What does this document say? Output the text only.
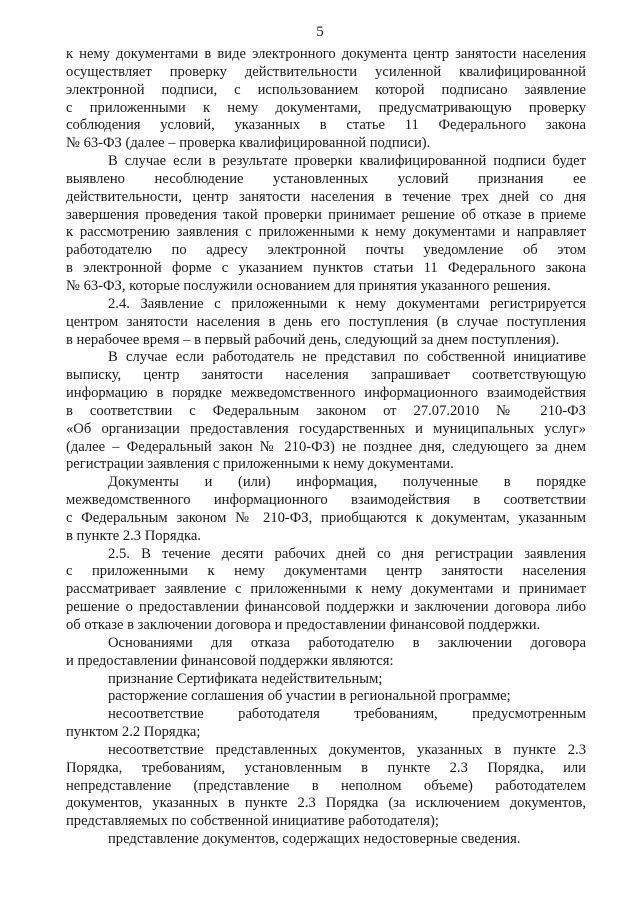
5
к нему документами в виде электронного документа центр занятости населения
осуществляет проверку действительности усиленной квалифицированной
электронной подписи, с использованием которой подписано заявление
с приложенными к нему документами, предусматривающую проверку
соблюдения условий, указанных в статье 11 Федерального закона
№ 63-ФЗ (далее – проверка квалифицированной подписи).
В случае если в результате проверки квалифицированной подписи будет
выявлено несоблюдение установленных условий признания ее
действительности, центр занятости населения в течение трех дней со дня
завершения проведения такой проверки принимает решение об отказе в приеме
к рассмотрению заявления с приложенными к нему документами и направляет
работодателю по адресу электронной почты уведомление об этом
в электронной форме с указанием пунктов статьи 11 Федерального закона
№ 63-ФЗ, которые послужили основанием для принятия указанного решения.
2.4. Заявление с приложенными к нему документами регистрируется
центром занятости населения в день его поступления (в случае поступления
в нерабочее время – в первый рабочий день, следующий за днем поступления).
В случае если работодатель не представил по собственной инициативе
выписку, центр занятости населения запрашивает соответствующую
информацию в порядке межведомственного информационного взаимодействия
в соответствии с Федеральным законом от 27.07.2010 № 210-ФЗ
«Об организации предоставления государственных и муниципальных услуг»
(далее – Федеральный закон № 210-ФЗ) не позднее дня, следующего за днем
регистрации заявления с приложенными к нему документами.
Документы и (или) информация, полученные в порядке
межведомственного информационного взаимодействия в соответствии
с Федеральным законом № 210-ФЗ, приобщаются к документам, указанным
в пункте 2.3 Порядка.
2.5. В течение десяти рабочих дней со дня регистрации заявления
с приложенными к нему документами центр занятости населения
рассматривает заявление с приложенными к нему документами и принимает
решение о предоставлении финансовой поддержки и заключении договора либо
об отказе в заключении договора и предоставлении финансовой поддержки.
Основаниями для отказа работодателю в заключении договора
и предоставлении финансовой поддержки являются:
признание Сертификата недействительным;
расторжение соглашения об участии в региональной программе;
несоответствие работодателя требованиям, предусмотренным
пунктом 2.2 Порядка;
несоответствие представленных документов, указанных в пункте 2.3
Порядка, требованиям, установленным в пункте 2.3 Порядка, или
непредставление (представление в неполном объеме) работодателем
документов, указанных в пункте 2.3 Порядка (за исключением документов,
представляемых по собственной инициативе работодателя);
представление документов, содержащих недостоверные сведения.
